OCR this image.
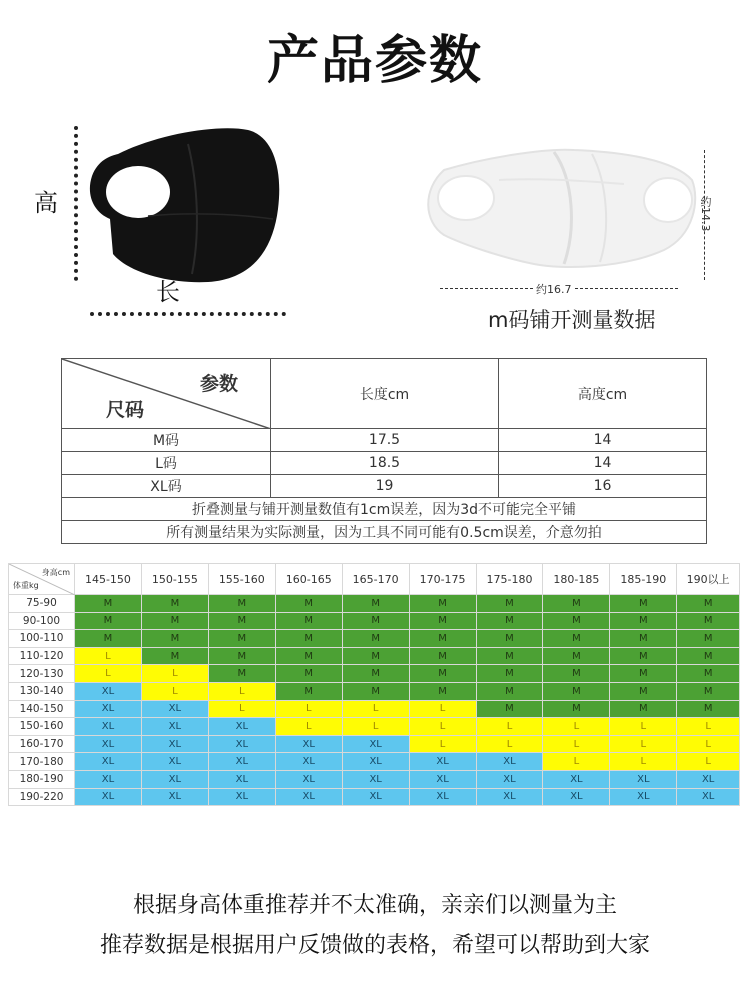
产品参数
高
长
约14.3
约16.7
m码铺开测量数据
参数
尺码	长度cm	高度cm
M码	17.5	14
L码	18.5	14
XL码	19	16
折叠测量与铺开测量数值有1cm误差，因为3d不可能完全平铺		
所有测量结果为实际测量，因为工具不同可能有0.5cm误差，介意勿拍		
身高cm
体重kg	145-150	150-155	155-160	160-165	165-170	170-175	175-180	180-185	185-190	190以上
75-90	M	M	M	M	M	M	M	M	M	M
90-100	M	M	M	M	M	M	M	M	M	M
100-110	M	M	M	M	M	M	M	M	M	M
110-120	L	M	M	M	M	M	M	M	M	M
120-130	L	L	M	M	M	M	M	M	M	M
130-140	XL	L	L	M	M	M	M	M	M	M
140-150	XL	XL	L	L	L	L	M	M	M	M
150-160	XL	XL	XL	L	L	L	L	L	L	L
160-170	XL	XL	XL	XL	XL	L	L	L	L	L
170-180	XL	XL	XL	XL	XL	XL	XL	L	L	L
180-190	XL	XL	XL	XL	XL	XL	XL	XL	XL	XL
190-220	XL	XL	XL	XL	XL	XL	XL	XL	XL	XL
根据身高体重推荐并不太准确，亲亲们以测量为主
推荐数据是根据用户反馈做的表格，希望可以帮助到大家
